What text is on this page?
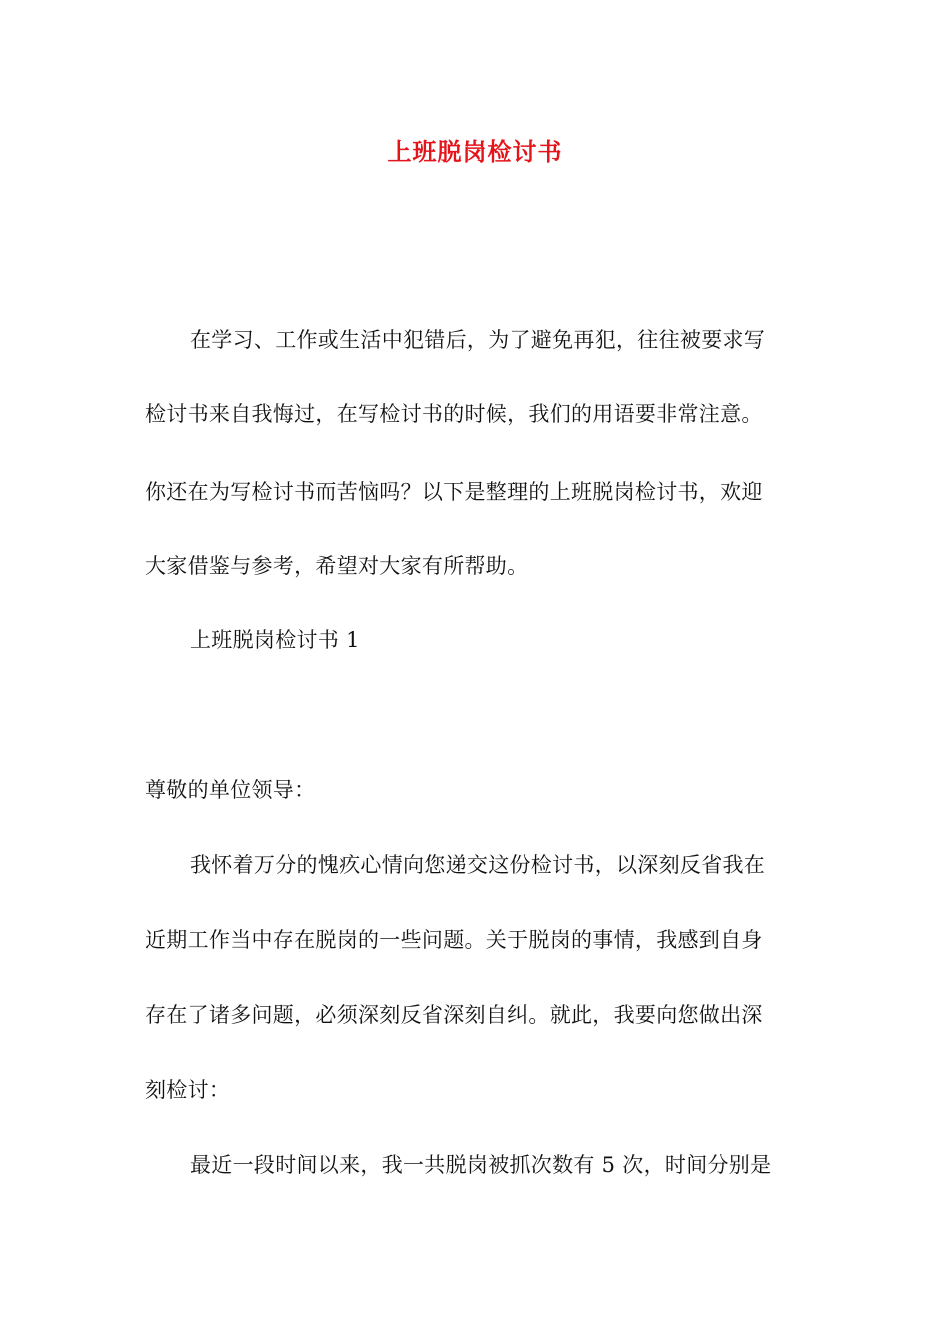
上班脱岗检讨书
在学习、工作或生活中犯错后，为了避免再犯，往往被要求写
检讨书来自我悔过，在写检讨书的时候，我们的用语要非常注意。
你还在为写检讨书而苦恼吗？以下是整理的上班脱岗检讨书，欢迎
大家借鉴与参考，希望对大家有所帮助。
上班脱岗检讨书 1
尊敬的单位领导：
我怀着万分的愧疚心情向您递交这份检讨书，以深刻反省我在
近期工作当中存在脱岗的一些问题。关于脱岗的事情，我感到自身
存在了诸多问题，必须深刻反省深刻自纠。就此，我要向您做出深
刻检讨：
最近一段时间以来，我一共脱岗被抓次数有 5 次，时间分别是
